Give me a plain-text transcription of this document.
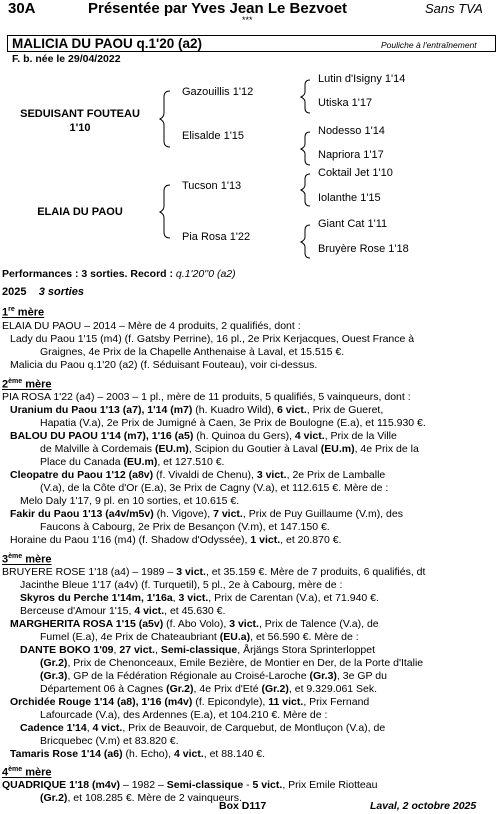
30A	Présentée par Yves Jean Le Bezvoet	Sans TVA
***
MALICIA DU PAOU q.1'20 (a2)	Pouliche à l'entraînement
F. b. née le 29/04/2022
SEDUISANT FOUTEAU
1'10
Gazouillis 1'12
Elisalde 1'15
Lutin d'Isigny 1'14
Utiska 1'17
Nodesso 1'14
Napriora 1'17
ELAIA DU PAOU
Tucson 1'13
Pia Rosa 1'22
Coktail Jet 1'10
Iolanthe 1'15
Giant Cat 1'11
Bruyère Rose 1'18
Performances : 3 sorties. Record : q.1'20''0 (a2)
2025 3 sorties
1re mère
ELAIA DU PAOU – 2014 – Mère de 4 produits, 2 qualifiés, dont :
Lady du Paou 1'15 (m4) (f. Gatsby Perrine), 16 pl., 2e Prix Kerjacques, Ouest France à
Graignes, 4e Prix de la Chapelle Anthenaise à Laval, et 15.515 €.
Malicia du Paou q.1'20 (a2) (f. Séduisant Fouteau), voir ci-dessus.
2ème mère
PIA ROSA 1'22 (a4) – 2003 – 1 pl., mère de 11 produits, 5 qualifiés, 5 vainqueurs, dont :
Uranium du Paou 1'13 (a7), 1'14 (m7) (h. Kuadro Wild), 6 vict., Prix de Gueret,
Hapatia (V.a), 2e Prix de Jumigné à Caen, 3e Prix de Boulogne (E.a), et 115.930 €.
BALOU DU PAOU 1'14 (m7), 1'16 (a5) (h. Quinoa du Gers), 4 vict., Prix de la Ville
de Malville à Cordemais (EU.m), Scipion du Goutier à Laval (EU.m), 4e Prix de la
Place du Canada (EU.m), et 127.510 €.
Cleopatre du Paou 1'12 (a8v) (f. Vivaldi de Chenu), 3 vict., 2e Prix de Lamballe
(V.a), de la Côte d'Or (E.a), 3e Prix de Cagny (V.a), et 112.615 €. Mère de :
Melo Daly 1'17, 9 pl. en 10 sorties, et 10.615 €.
Fakir du Paou 1'13 (a4v/m5v) (h. Vigove), 7 vict., Prix de Puy Guillaume (V.m), des
Faucons à Cabourg, 2e Prix de Besançon (V.m), et 147.150 €.
Horaine du Paou 1'16 (m4) (f. Shadow d'Odyssée), 1 vict., et 20.870 €.
3ème mère
BRUYERE ROSE 1'18 (a4) – 1989 – 3 vict., et 35.159 €. Mère de 7 produits, 6 qualifiés, dt
Jacinthe Bleue 1'17 (a4v) (f. Turquetil), 5 pl., 2e à Cabourg, mère de :
Skyros du Perche 1'14m, 1'16a, 3 vict., Prix de Carentan (V.a), et 71.940 €.
Berceuse d'Amour 1'15, 4 vict., et 45.630 €.
MARGHERITA ROSA 1'15 (a5v) (f. Abo Volo), 3 vict., Prix de Talence (V.a), de
Fumel (E.a), 4e Prix de Chateaubriant (EU.a), et 56.590 €. Mère de :
DANTE BOKO 1'09, 27 vict., Semi-classique, Årjängs Stora Sprinterloppet
(Gr.2), Prix de Chenonceaux, Emile Bezière, de Montier en Der, de la Porte d'Italie
(Gr.3), GP de la Fédération Régionale au Croisé-Laroche (Gr.3), 3e GP du
Département 06 à Cagnes (Gr.2), 4e Prix d'Eté (Gr.2), et 9.329.061 Sek.
Orchidée Rouge 1'14 (a8), 1'16 (m4v) (f. Epicondyle), 11 vict., Prix Fernand
Lafourcade (V.a), des Ardennes (E.a), et 104.210 €. Mère de :
Cadence 1'14, 4 vict., Prix de Beauvoir, de Carquebut, de Montluçon (V.a), de
Bricquebec (V.m) et 83.820 €.
Tamaris Rose 1'14 (a6) (h. Echo), 4 vict., et 88.140 €.
4ème mère
QUADRIQUE 1'18 (m4v) – 1982 – Semi-classique - 5 vict., Prix Emile Riotteau
(Gr.2), et 108.285 €. Mère de 2 vainqueurs.
Box D117	Laval, 2 octobre 2025
